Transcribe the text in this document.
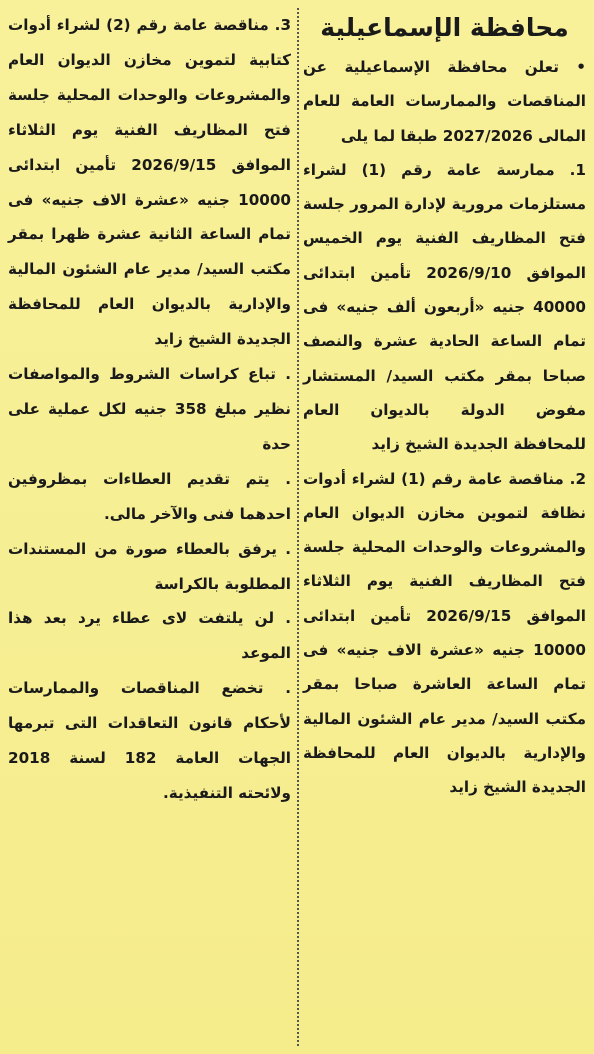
محافظة الإسماعيلية

• تعلن محافظة الإسماعيلية عن المناقصات والممارسات العامة للعام المالى 2027/2026 طبقا لما يلى

1. ممارسة عامة رقم (1) لشراء مستلزمات مرورية لإدارة المرور جلسة فتح المظاريف الفنية يوم الخميس الموافق 2026/9/10 تأمين ابتدائى 40000 جنيه «أربعون ألف جنيه» فى تمام الساعة الحادية عشرة والنصف صباحا بمقر مكتب السيد/ المستشار مفوض الدولة بالديوان العام للمحافظة الجديدة الشيخ زايد

2. مناقصة عامة رقم (1) لشراء أدوات نظافة لتموين مخازن الديوان العام والمشروعات والوحدات المحلية جلسة فتح المظاريف الفنية يوم الثلاثاء الموافق 2026/9/15 تأمين ابتدائى 10000 جنيه «عشرة الاف جنيه» فى تمام الساعة العاشرة صباحا بمقر مكتب السيد/ مدير عام الشئون المالية والإدارية بالديوان العام للمحافظة الجديدة الشيخ زايد

3. مناقصة عامة رقم (2) لشراء أدوات كتابية لتموين مخازن الديوان العام والمشروعات والوحدات المحلية جلسة فتح المظاريف الفنية يوم الثلاثاء الموافق 2026/9/15 تأمين ابتدائى 10000 جنيه «عشرة الاف جنيه» فى تمام الساعة الثانية عشرة ظهرا بمقر مكتب السيد/ مدير عام الشئون المالية والإدارية بالديوان العام للمحافظة الجديدة الشيخ زايد

. تباع كراسات الشروط والمواصفات نظير مبلغ 358 جنيه لكل عملية على حدة

. يتم تقديم العطاءات بمظروفين احدهما فنى والآخر مالى.

. يرفق بالعطاء صورة من المستندات المطلوبة بالكراسة

. لن يلتفت لاى عطاء يرد بعد هذا الموعد

. تخضع المناقصات والممارسات لأحكام قانون التعاقدات التى تبرمها الجهات العامة 182 لسنة 2018 ولائحته التنفيذية.
